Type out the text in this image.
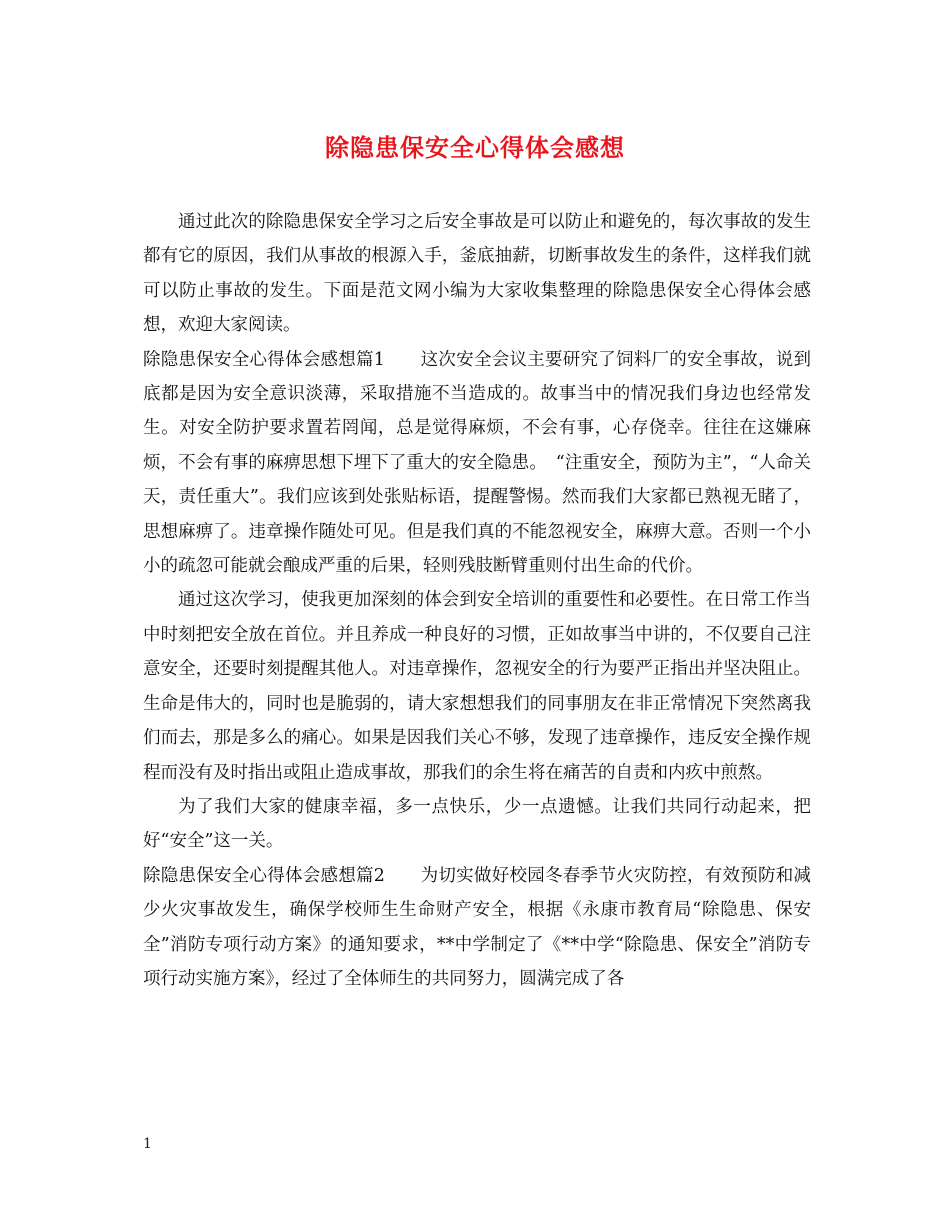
除隐患保安全心得体会感想

通过此次的除隐患保安全学习之后安全事故是可以防止和避免的，每次事故的发生都有它的原因，我们从事故的根源入手，釜底抽薪，切断事故发生的条件，这样我们就可以防止事故的发生。下面是范文网小编为大家收集整理的除隐患保安全心得体会感想，欢迎大家阅读。

除隐患保安全心得体会感想篇1　　这次安全会议主要研究了饲料厂的安全事故，说到底都是因为安全意识淡薄，采取措施不当造成的。故事当中的情况我们身边也经常发生。对安全防护要求置若罔闻，总是觉得麻烦，不会有事，心存侥幸。往往在这嫌麻烦，不会有事的麻痹思想下埋下了重大的安全隐患。　“注重安全，预防为主”，“人命关天，责任重大”。我们应该到处张贴标语，提醒警惕。然而我们大家都已熟视无睹了，思想麻痹了。违章操作随处可见。但是我们真的不能忽视安全，麻痹大意。否则一个小小的疏忽可能就会酿成严重的后果，轻则残肢断臂重则付出生命的代价。

通过这次学习，使我更加深刻的体会到安全培训的重要性和必要性。在日常工作当中时刻把安全放在首位。并且养成一种良好的习惯，正如故事当中讲的，不仅要自己注意安全，还要时刻提醒其他人。对违章操作，忽视安全的行为要严正指出并坚决阻止。生命是伟大的，同时也是脆弱的，请大家想想我们的同事朋友在非正常情况下突然离我们而去，那是多么的痛心。如果是因我们关心不够，发现了违章操作，违反安全操作规程而没有及时指出或阻止造成事故，那我们的余生将在痛苦的自责和内疚中煎熬。

为了我们大家的健康幸福，多一点快乐，少一点遗憾。让我们共同行动起来，把好“安全”这一关。

除隐患保安全心得体会感想篇2　　为切实做好校园冬春季节火灾防控，有效预防和减少火灾事故发生，确保学校师生生命财产安全，根据《永康市教育局“除隐患、保安全”消防专项行动方案》的通知要求，**中学制定了《**中学“除隐患、保安全”消防专项行动实施方案》，经过了全体师生的共同努力，圆满完成了各

1
